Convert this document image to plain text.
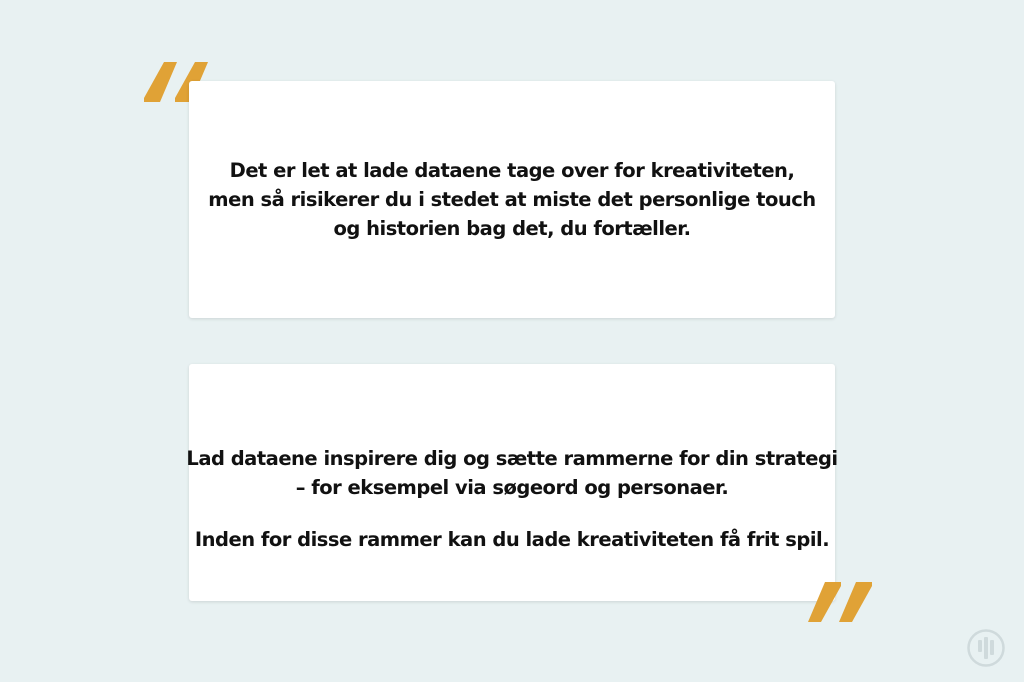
Det er let at lade dataene tage over for kreativiteten,
men så risikerer du i stedet at miste det personlige touch
og historien bag det, du fortæller.
Lad dataene inspirere dig og sætte rammerne for din strategi
– for eksempel via søgeord og personaer.
Inden for disse rammer kan du lade kreativiteten få frit spil.
